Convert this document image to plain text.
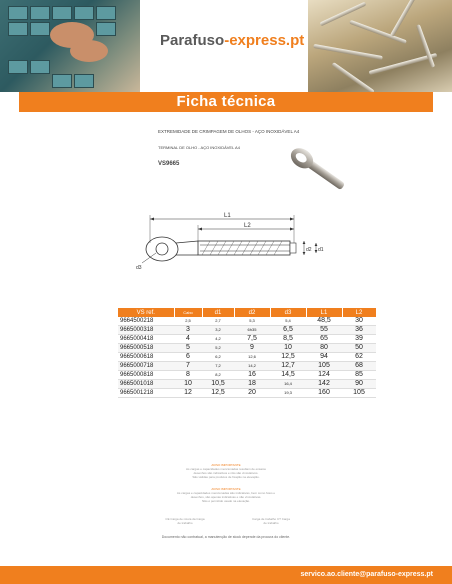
Parafuso-express.pt
Ficha técnica
EXTREMIDADE DE CRIMPAGEM DE OLHOS - AÇO INOXIDÁVEL A4
TERMINAL DE OLHO - AÇO INOXIDÁVEL A4
VS9665
L1
L2
d2 d1
d3
VS ref.	Cabo	d1	d2	d3	L1	L2
9664500218	2,5	2,7	5,3	5,4	48,5	30
9665000318	3	3,2	6h35	6,5	55	36
9665000418	4	4,2	7,5	8,5	65	39
9665000518	5	5,2	9	10	80	50
9665000618	6	6,2	12,6	12,5	94	62
9665000718	7	7,2	14,2	12,7	105	68
9665000818	8	8,2	16	14,5	124	85
9665001018	10	10,5	18	16,4	142	90
9665001218	12	12,5	20	19,3	160	105
AVISO IMPORTANTE
As cargas e capacidades mencionadas resultam de ensaios
desenhos são indicativos e não são vinculativos.
São válidas para produtos de fixação na elevação.
AVISO IMPORTANTE
As cargas e capacidades mencionadas são indicativas, bem como fotos e
desenhos, são apenas indicativas e não vinculativas.
Não é permitido usado na elevação.
CE Carga de rotura da Carga
de trabalho
Carga de trabalho CT Carga
de trabalho
Documento não contratual, a manutenção de stock depende da procura do cliente.
servico.ao.cliente@parafuso-express.pt
